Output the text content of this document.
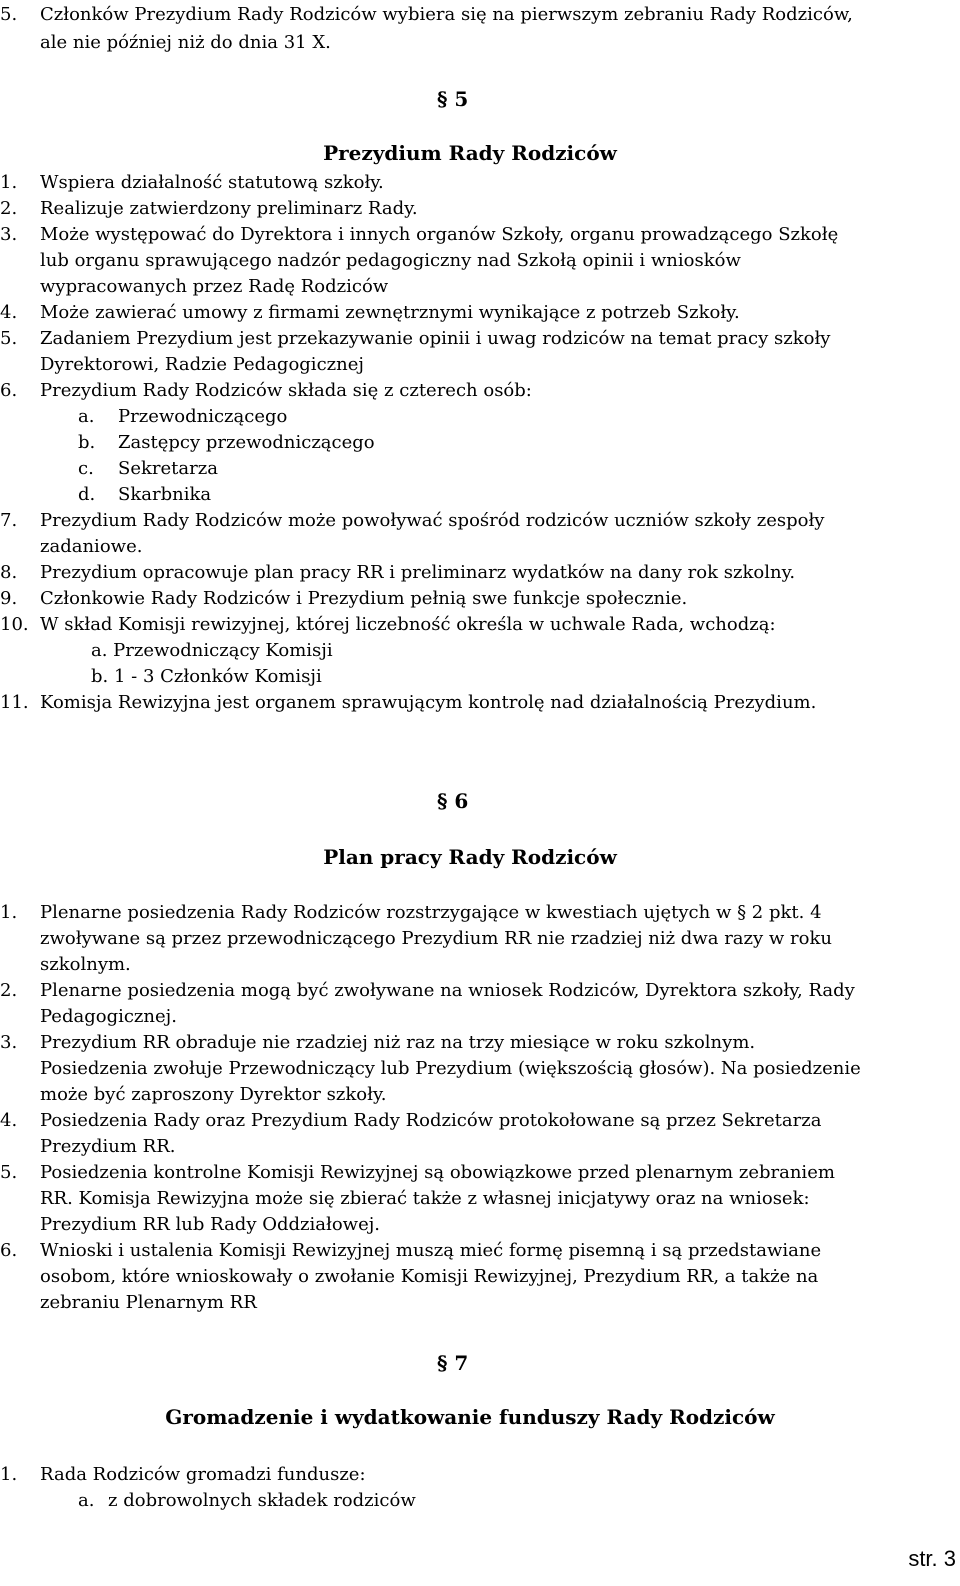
5.	Członków Prezydium Rady Rodziców wybiera się na pierwszym zebraniu Rady Rodziców,
ale nie później niż do dnia 31 X.
§ 5
Prezydium Rady Rodziców
1.	Wspiera działalność statutową szkoły.
2.	Realizuje zatwierdzony preliminarz Rady.
3.	Może występować do Dyrektora i innych organów Szkoły, organu prowadzącego Szkołę
lub organu sprawującego nadzór pedagogiczny nad Szkołą opinii i wniosków
wypracowanych przez Radę Rodziców
4.	Może zawierać umowy z firmami zewnętrznymi wynikające z potrzeb Szkoły.
5.	Zadaniem Prezydium jest przekazywanie opinii i uwag rodziców na temat pracy szkoły
Dyrektorowi, Radzie Pedagogicznej
6.	Prezydium Rady Rodziców składa się z czterech osób:
a. Przewodniczącego
b. Zastępcy przewodniczącego
c. Sekretarza
d. Skarbnika
7.	Prezydium Rady Rodziców może powoływać spośród rodziców uczniów szkoły zespoły
zadaniowe.
8.	Prezydium opracowuje plan pracy RR i preliminarz wydatków na dany rok szkolny.
9.	Członkowie Rady Rodziców i Prezydium pełnią swe funkcje społecznie.
10. W skład Komisji rewizyjnej, której liczebność określa w uchwale Rada, wchodzą:
a. Przewodniczący Komisji
b. 1 - 3 Członków Komisji
11. Komisja Rewizyjna jest organem sprawującym kontrolę nad działalnością Prezydium.
§ 6
Plan pracy Rady Rodziców
1.	Plenarne posiedzenia Rady Rodziców rozstrzygające w kwestiach ujętych w § 2 pkt. 4
zwoływane są przez przewodniczącego Prezydium RR nie rzadziej niż dwa razy w roku
szkolnym.
2.	Plenarne posiedzenia mogą być zwoływane na wniosek Rodziców, Dyrektora szkoły, Rady
Pedagogicznej.
3.	Prezydium RR obraduje nie rzadziej niż raz na trzy miesiące w roku szkolnym.
Posiedzenia zwołuje Przewodniczący lub Prezydium (większością głosów). Na posiedzenie
może być zaproszony Dyrektor szkoły.
4.	Posiedzenia Rady oraz Prezydium Rady Rodziców protokołowane są przez Sekretarza
Prezydium RR.
5.	Posiedzenia kontrolne Komisji Rewizyjnej są obowiązkowe przed plenarnym zebraniem
RR. Komisja Rewizyjna może się zbierać także z własnej inicjatywy oraz na wniosek:
Prezydium RR lub Rady Oddziałowej.
6.	Wnioski i ustalenia Komisji Rewizyjnej muszą mieć formę pisemną i są przedstawiane
osobom, które wnioskowały o zwołanie Komisji Rewizyjnej, Prezydium RR, a także na
zebraniu Plenarnym RR
§ 7
Gromadzenie i wydatkowanie funduszy Rady Rodziców
1.	Rada Rodziców gromadzi fundusze:
a. z dobrowolnych składek rodziców
str. 3
